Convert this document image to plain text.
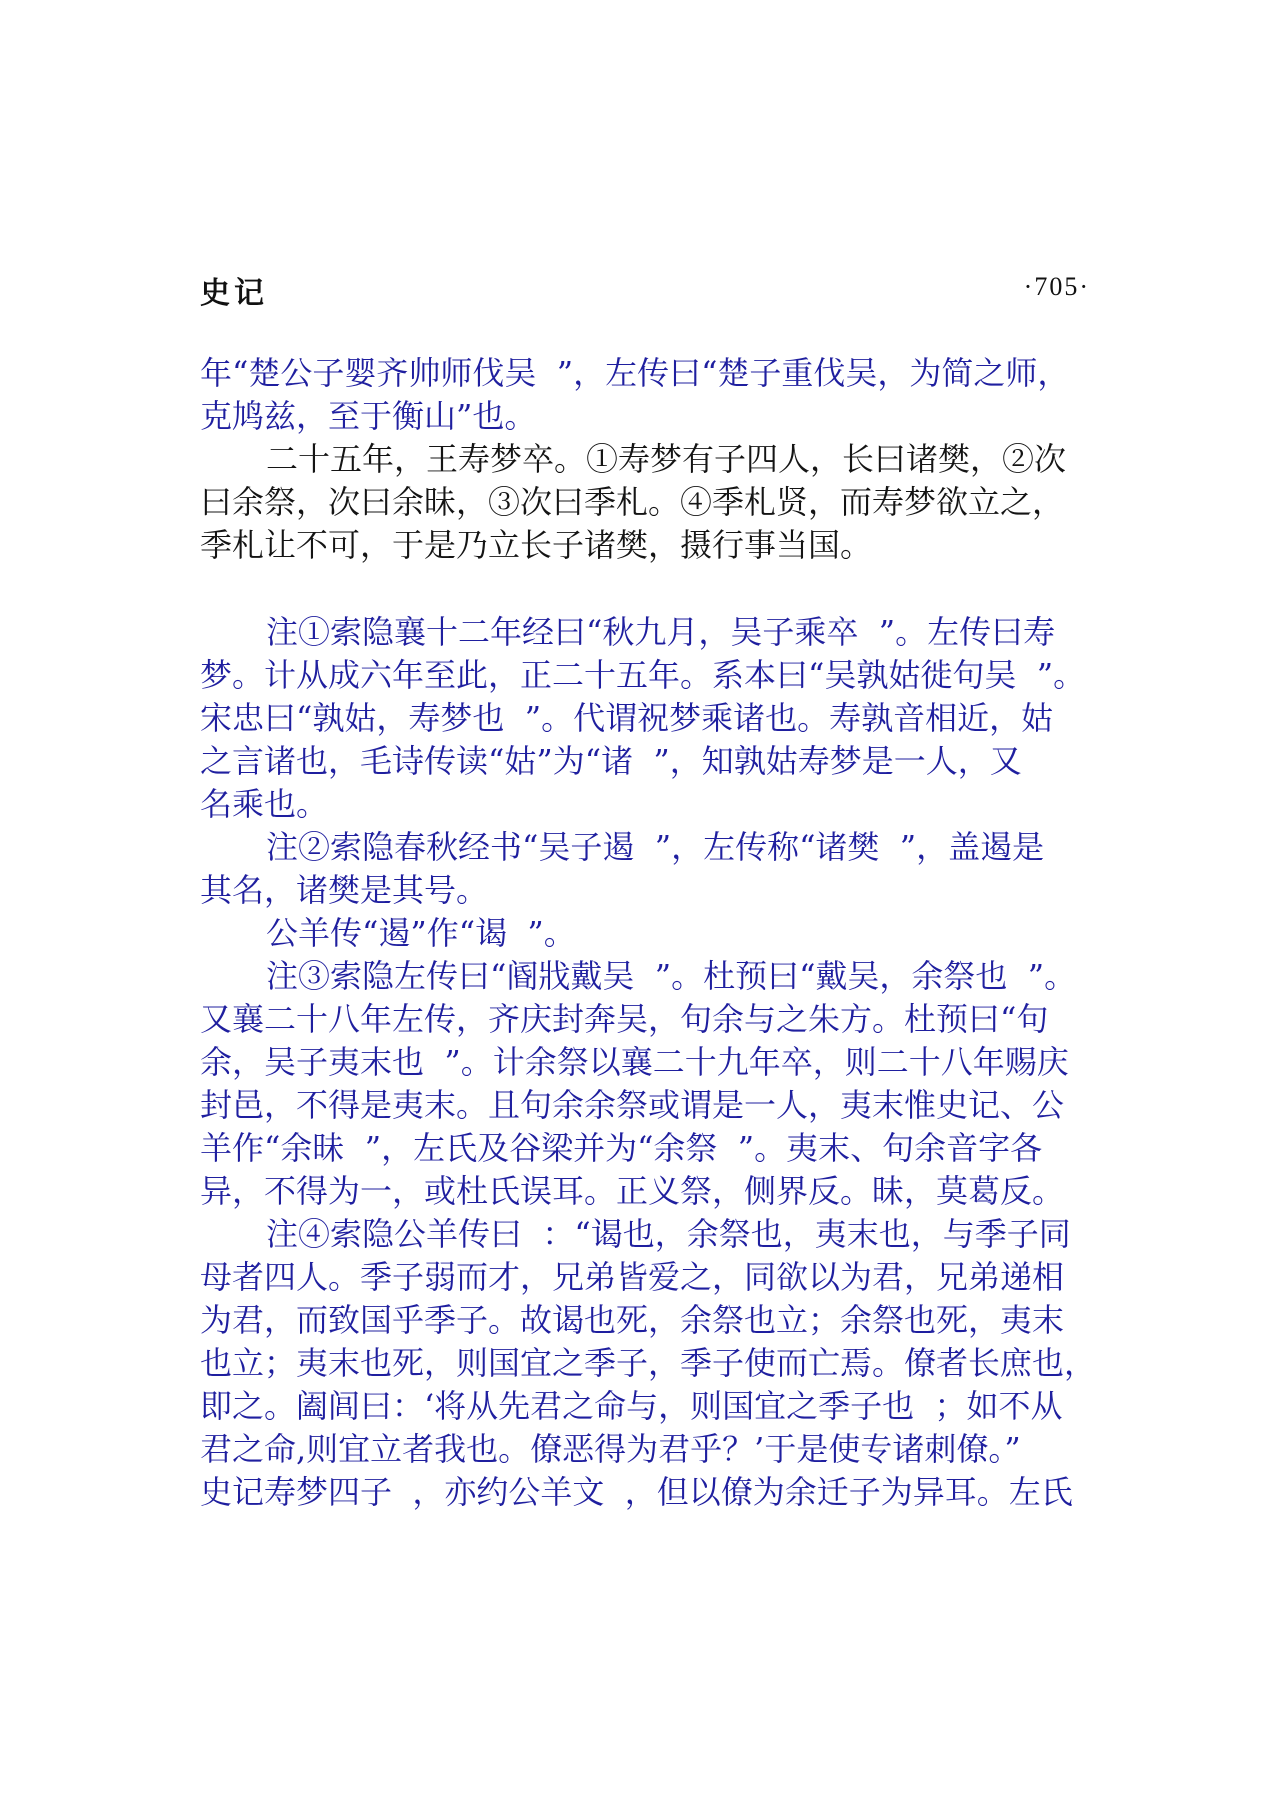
史记	·705·
年“楚公子婴齐帅师伐吴  ”，左传曰“楚子重伐吴，为简之师，
克鸠兹，至于衡山”也。
二十五年，王寿梦卒。①寿梦有子四人，长曰诸樊，②次
曰余祭，次曰余昧，③次曰季札。④季札贤，而寿梦欲立之，
季札让不可，于是乃立长子诸樊，摄行事当国。
注①索隐襄十二年经曰“秋九月，吴子乘卒  ”。左传曰寿
梦。计从成六年至此，正二十五年。系本曰“吴孰姑徙句吴  ”。
宋忠曰“孰姑，寿梦也  ”。代谓祝梦乘诸也。寿孰音相近，姑
之言诸也，毛诗传读“姑”为“诸  ”，知孰姑寿梦是一人，又
名乘也。
注②索隐春秋经书“吴子遏  ”，左传称“诸樊  ”，盖遏是
其名，诸樊是其号。
公羊传“遏”作“谒  ”。
注③索隐左传曰“阍戕戴吴  ”。杜预曰“戴吴，余祭也  ”。
又襄二十八年左传，齐庆封奔吴，句余与之朱方。杜预曰“句
余，吴子夷末也  ”。计余祭以襄二十九年卒，则二十八年赐庆
封邑，不得是夷末。且句余余祭或谓是一人，夷末惟史记、公
羊作“余昧  ”，左氏及谷梁并为“余祭  ”。夷末、句余音字各
异，不得为一，或杜氏误耳。正义祭，侧界反。昧，莫葛反。
注④索隐公羊传曰  ：“谒也，余祭也，夷末也，与季子同
母者四人。季子弱而才，兄弟皆爱之，同欲以为君，兄弟递相
为君，而致国乎季子。故谒也死，余祭也立；余祭也死，夷末
也立；夷末也死，则国宜之季子，季子使而亡焉。僚者长庶也，
即之。阖闾曰：‘将从先君之命与，则国宜之季子也  ；如不从
君之命,则宜立者我也。僚恶得为君乎？’于是使专诸刺僚。”
史记寿梦四子  ，亦约公羊文  ，但以僚为余迁子为异耳。左氏
